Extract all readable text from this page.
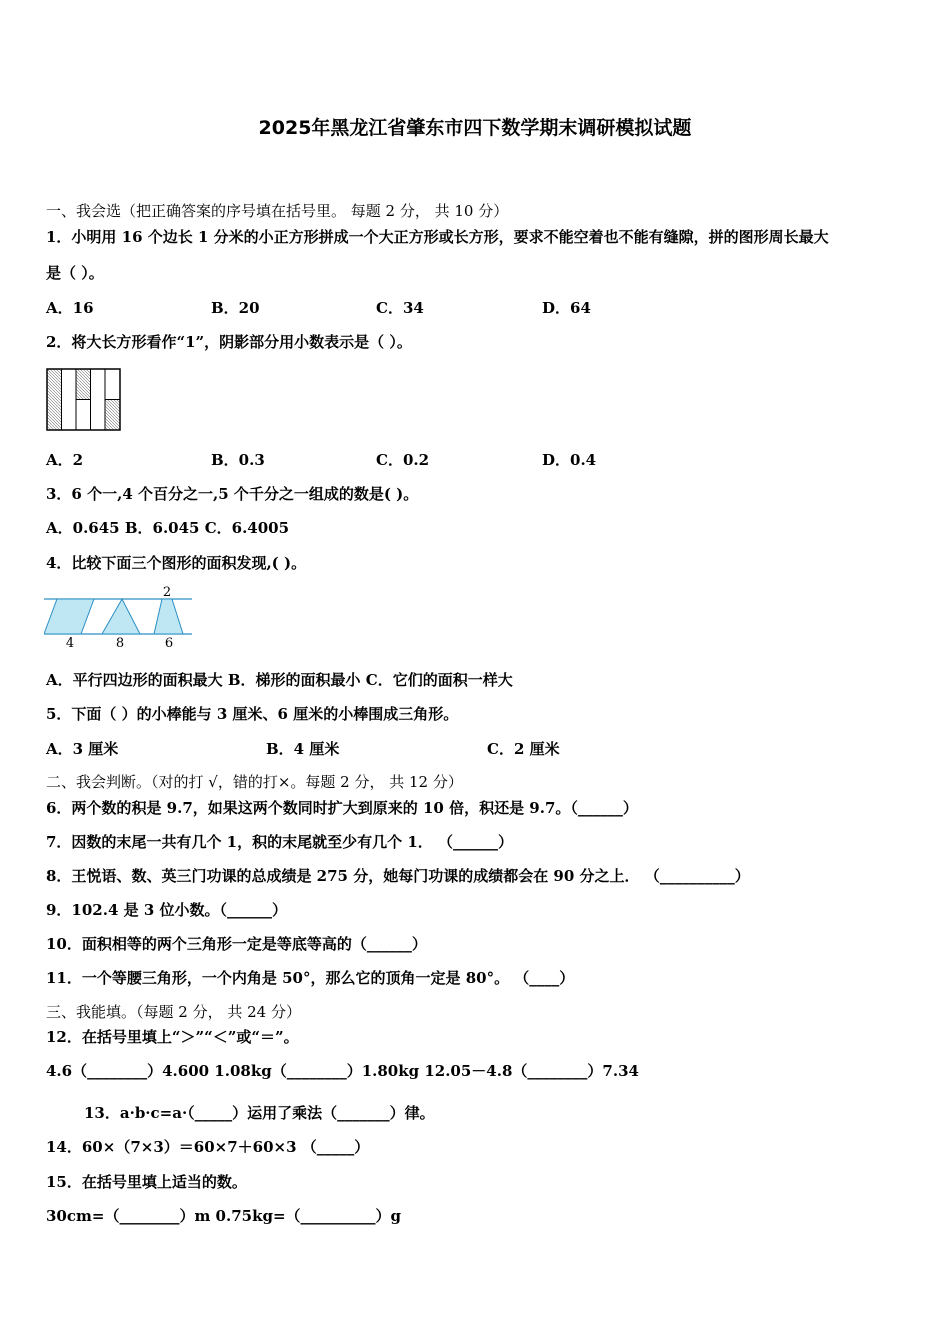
2025年黑龙江省肇东市四下数学期末调研模拟试题
一、我会选（把正确答案的序号填在括号里。 每题 2 分， 共 10 分）
1．小明用 16 个边长 1 分米的小正方形拼成一个大正方形或长方形，要求不能空着也不能有缝隙，拼的图形周长最大
是（ ）。
A．16	B．20	C．34	D．64
2．将大长方形看作“1”，阴影部分用小数表示是（ ）。
A．2	B．0.3	C．0.2	D．0.4
3．6 个一,4 个百分之一,5 个千分之一组成的数是( )。
A．0.645 B．6.045 C．6.4005
4．比较下面三个图形的面积发现,( )。
2
4	8	6
A．平行四边形的面积最大 B．梯形的面积最小 C．它们的面积一样大
5．下面（ ）的小棒能与 3 厘米、6 厘米的小棒围成三角形。
A．3 厘米	B．4 厘米	C．2 厘米
二、我会判断。（对的打 √，错的打×。每题 2 分， 共 12 分）
6．两个数的积是 9.7，如果这两个数同时扩大到原来的 10 倍，积还是 9.7。（______）
7．因数的末尾一共有几个 1，积的末尾就至少有几个 1． （______）
8．王悦语、数、英三门功课的总成绩是 275 分，她每门功课的成绩都会在 90 分之上． （__________）
9．102.4 是 3 位小数。（______）
10．面积相等的两个三角形一定是等底等高的（______）
11．一个等腰三角形，一个内角是 50°，那么它的顶角一定是 80°。 （____）
三、我能填。（每题 2 分， 共 24 分）
12．在括号里填上“＞”“＜”或“＝”。
4.6（________）4.600 1.08kg（________）1.80kg 12.05－4.8（________）7.34
13．a·b·c=a·（_____）运用了乘法（_______）律。
14．60×（7×3）＝60×7＋60×3 （_____）
15．在括号里填上适当的数。
30cm=（________）m 0.75kg=（__________）g
